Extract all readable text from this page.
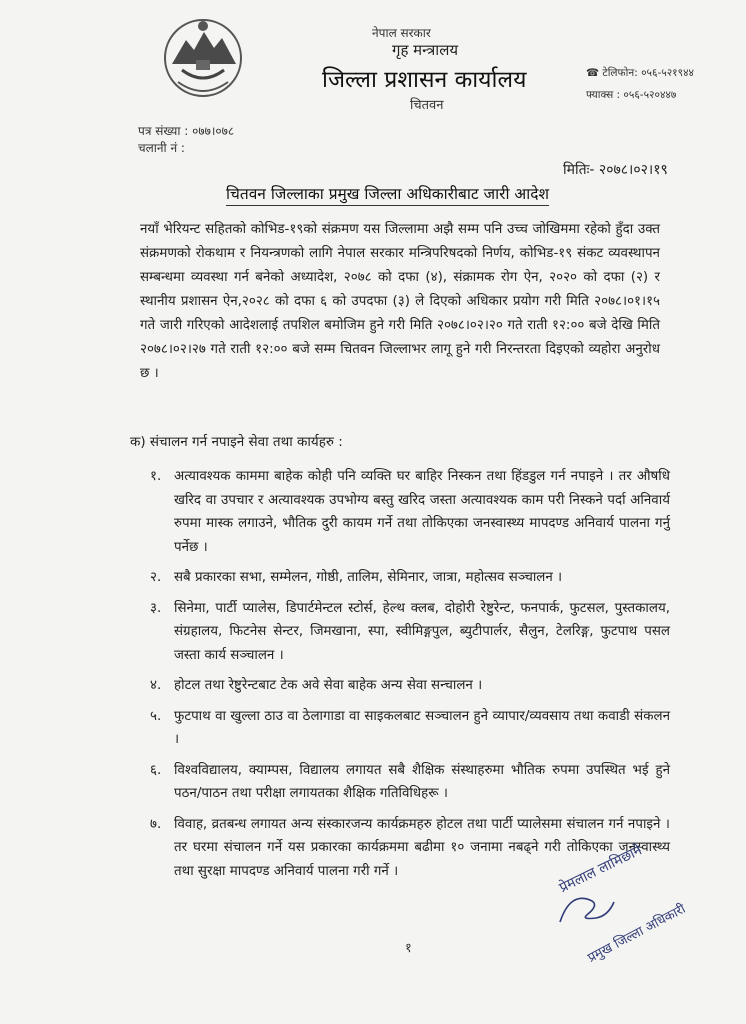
नेपाल सरकार
गृह मन्त्रालय
जिल्ला प्रशासन कार्यालय
चितवन
☎ टेलिफोन: ०५६-५२१९४४
फ्याक्स : ०५६-५२०४४७
पत्र संख्या : ०७७।०७८
चलानी नं :
मितिः- २०७८।०२।१९
चितवन जिल्लाका प्रमुख जिल्ला अधिकारीबाट जारी आदेश
नयाँ भेरियन्ट सहितको कोभिड-१९को संक्रमण यस जिल्लामा अझै सम्म पनि उच्च जोखिममा रहेको हुँदा उक्त संक्रमणको रोकथाम र नियन्त्रणको लागि नेपाल सरकार मन्त्रिपरिषदको निर्णय, कोभिड-१९ संकट व्यवस्थापन सम्बन्धमा व्यवस्था गर्न बनेको अध्यादेश, २०७८ को दफा (४), संक्रामक रोग ऐन, २०२० को दफा (२) र स्थानीय प्रशासन ऐन,२०२८ को दफा ६ को उपदफा (३) ले दिएको अधिकार प्रयोग गरी मिति २०७८।०१।१५ गते जारी गरिएको आदेशलाई तपशिल बमोजिम हुने गरी मिति २०७८।०२।२० गते राती १२:०० बजे देखि मिति २०७८।०२।२७ गते राती १२:०० बजे सम्म चितवन जिल्लाभर लागू हुने गरी निरन्तरता दिइएको व्यहोरा अनुरोध छ ।
क) संचालन गर्न नपाइने सेवा तथा कार्यहरु :
१. अत्यावश्यक काममा बाहेक कोही पनि व्यक्ति घर बाहिर निस्कन तथा हिंडडुल गर्न नपाइने । तर औषधि खरिद वा उपचार र अत्यावश्यक उपभोग्य बस्तु खरिद जस्ता अत्यावश्यक काम परी निस्कने पर्दा अनिवार्य रुपमा मास्क लगाउने, भौतिक दुरी कायम गर्ने तथा तोकिएका जनस्वास्थ्य मापदण्ड अनिवार्य पालना गर्नु पर्नेछ ।
२. सबै प्रकारका सभा, सम्मेलन, गोष्ठी, तालिम, सेमिनार, जात्रा, महोत्सव सञ्चालन ।
३. सिनेमा, पार्टी प्यालेस, डिपार्टमेन्टल स्टोर्स, हेल्थ क्लब, दोहोरी रेष्टुरेन्ट, फनपार्क, फुटसल, पुस्तकालय, संग्रहालय, फिटनेस सेन्टर, जिमखाना, स्पा, स्वीमिङ्गपुल, ब्युटीपार्लर, सैलुन, टेलरिङ्ग, फुटपाथ पसल जस्ता कार्य सञ्चालन ।
४. होटल तथा रेष्टुरेन्टबाट टेक अवे सेवा बाहेक अन्य सेवा सन्चालन ।
५. फुटपाथ वा खुल्ला ठाउ वा ठेलागाडा वा साइकलबाट सञ्चालन हुने व्यापार/व्यवसाय तथा कवाडी संकलन ।
६. विश्वविद्यालय, क्याम्पस, विद्यालय लगायत सबै शैक्षिक संस्थाहरुमा भौतिक रुपमा उपस्थित भई हुने पठन/पाठन तथा परीक्षा लगायतका शैक्षिक गतिविधिहरू ।
७. विवाह, व्रतबन्ध लगायत अन्य संस्कारजन्य कार्यक्रमहरु होटल तथा पार्टी प्यालेसमा संचालन गर्न नपाइने । तर घरमा संचालन गर्ने यस प्रकारका कार्यक्रममा बढीमा १० जनामा नबढ्ने गरी तोकिएका जनस्वास्थ्य तथा सुरक्षा मापदण्ड अनिवार्य पालना गरी गर्ने ।	प्रेमलाल लामिछाने
प्रमुख जिल्ला अधिकारी
१
